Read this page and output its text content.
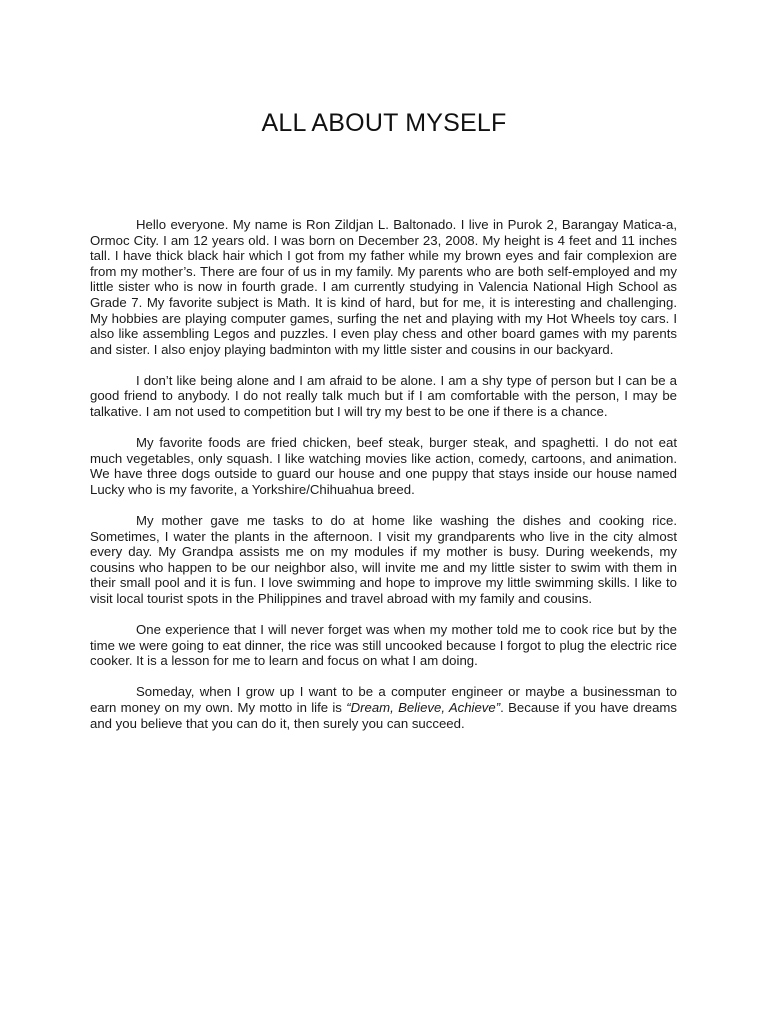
ALL ABOUT MYSELF

Hello everyone. My name is Ron Zildjan L. Baltonado. I live in Purok 2, Barangay Matica-a, Ormoc City. I am 12 years old. I was born on December 23, 2008. My height is 4 feet and 11 inches tall. I have thick black hair which I got from my father while my brown eyes and fair complexion are from my mother’s. There are four of us in my family. My parents who are both self-employed and my little sister who is now in fourth grade. I am currently studying in Valencia National High School as Grade 7. My favorite subject is Math. It is kind of hard, but for me, it is interesting and challenging. My hobbies are playing computer games, surfing the net and playing with my Hot Wheels toy cars. I also like assembling Legos and puzzles. I even play chess and other board games with my parents and sister. I also enjoy playing badminton with my little sister and cousins in our backyard.

I don’t like being alone and I am afraid to be alone. I am a shy type of person but I can be a good friend to anybody. I do not really talk much but if I am comfortable with the person, I may be talkative. I am not used to competition but I will try my best to be one if there is a chance.

My favorite foods are fried chicken, beef steak, burger steak, and spaghetti. I do not eat much vegetables, only squash. I like watching movies like action, comedy, cartoons, and animation. We have three dogs outside to guard our house and one puppy that stays inside our house named Lucky who is my favorite, a Yorkshire/Chihuahua breed.

My mother gave me tasks to do at home like washing the dishes and cooking rice. Sometimes, I water the plants in the afternoon. I visit my grandparents who live in the city almost every day. My Grandpa assists me on my modules if my mother is busy. During weekends, my cousins who happen to be our neighbor also, will invite me and my little sister to swim with them in their small pool and it is fun. I love swimming and hope to improve my little swimming skills. I like to visit local tourist spots in the Philippines and travel abroad with my family and cousins.

One experience that I will never forget was when my mother told me to cook rice but by the time we were going to eat dinner, the rice was still uncooked because I forgot to plug the electric rice cooker. It is a lesson for me to learn and focus on what I am doing.

Someday, when I grow up I want to be a computer engineer or maybe a businessman to earn money on my own. My motto in life is “Dream, Believe, Achieve”. Because if you have dreams and you believe that you can do it, then surely you can succeed.
